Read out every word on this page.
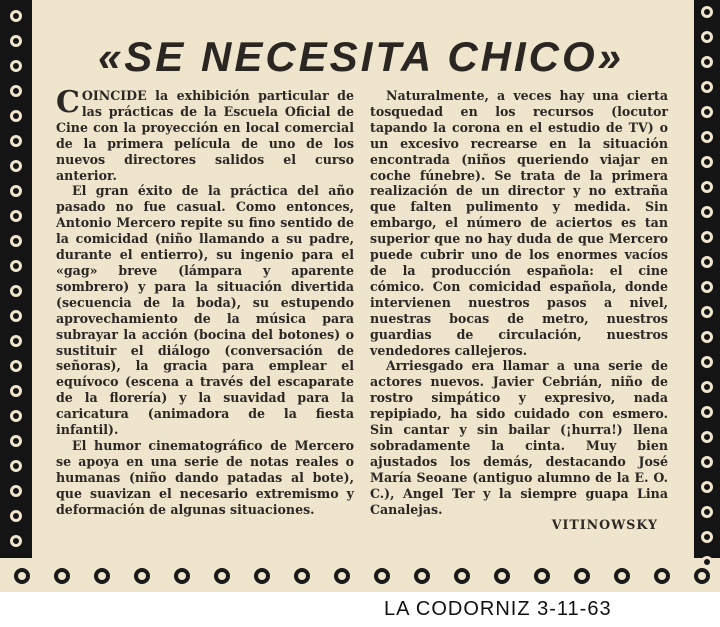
«SE NECESITA CHICO»

COINCIDE la exhibición particular de las prácticas de la Escuela Oficial de Cine con la proyección en local comercial de la primera película de uno de los nuevos directores salidos el curso anterior.

El gran éxito de la práctica del año pasado no fue casual. Como entonces, Antonio Mercero repite su fino sentido de la comicidad (niño llamando a su padre, durante el entierro), su ingenio para el «gag» breve (lámpara y aparente sombrero) y para la situación divertida (secuencia de la boda), su estupendo aprovechamiento de la música para subrayar la acción (bocina del botones) o sustituir el diálogo (conversación de señoras), la gracia para emplear el equívoco (escena a través del escaparate de la florería) y la suavidad para la caricatura (animadora de la fiesta infantil).

El humor cinematográfico de Mercero se apoya en una serie de notas reales o humanas (niño dando patadas al bote), que suavizan el necesario extremismo y deformación de algunas situaciones.

Naturalmente, a veces hay una cierta tosquedad en los recursos (locutor tapando la corona en el estudio de TV) o un excesivo recrearse en la situación encontrada (niños queriendo viajar en coche fúnebre). Se trata de la primera realización de un director y no extraña que falten pulimento y medida. Sin embargo, el número de aciertos es tan superior que no hay duda de que Mercero puede cubrir uno de los enormes vacíos de la producción española: el cine cómico. Con comicidad española, donde intervienen nuestros pasos a nivel, nuestras bocas de metro, nuestros guardias de circulación, nuestros vendedores callejeros.

Arriesgado era llamar a una serie de actores nuevos. Javier Cebrián, niño de rostro simpático y expresivo, nada repipiado, ha sido cuidado con esmero. Sin cantar y sin bailar (¡hurra!) llena sobradamente la cinta. Muy bien ajustados los demás, destacando José María Seoane (antiguo alumno de la E. O. C.), Angel Ter y la siempre guapa Lina Canalejas.

VITINOWSKY

LA CODORNIZ 3-11-63
